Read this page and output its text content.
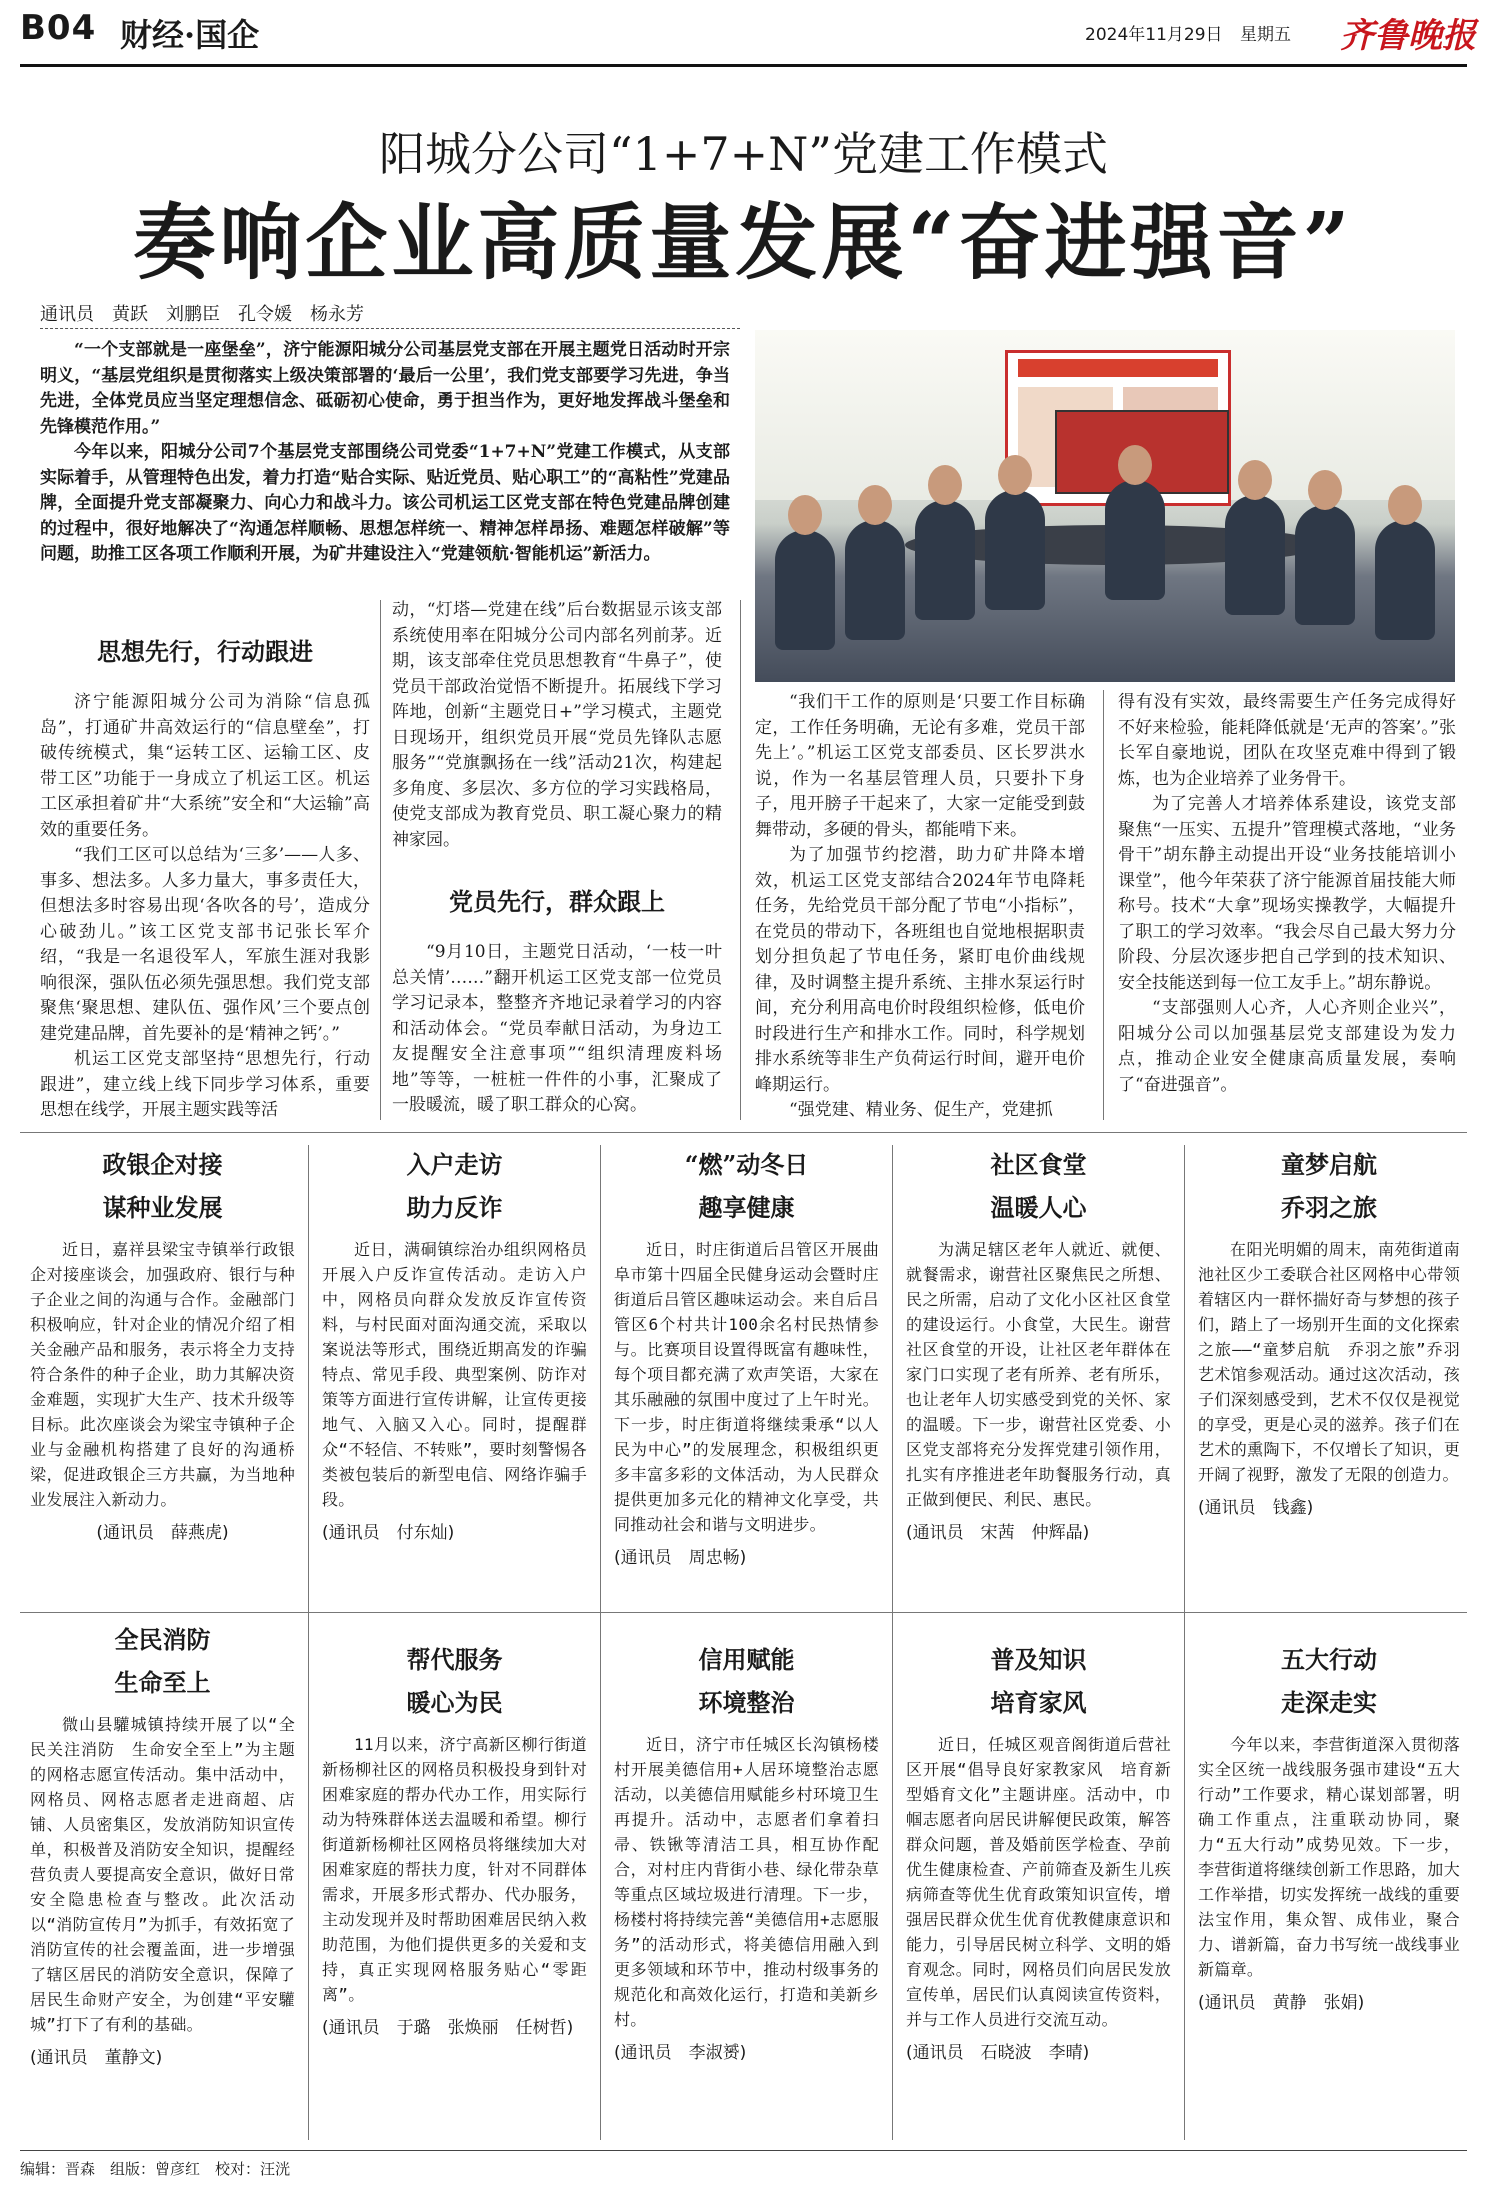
B04 财经·国企	2024年11月29日 星期五 齐鲁晚报
阳城分公司“1+7+N”党建工作模式
奏响企业高质量发展“奋进强音”
通讯员　黄跃　刘鹏臣　孔令媛　杨永芳

“一个支部就是一座堡垒”，济宁能源阳城分公司基层党支部在开展主题党日活动时开宗明义，“基层党组织是贯彻落实上级决策部署的‘最后一公里’，我们党支部要学习先进，争当先进，全体党员应当坚定理想信念、砥砺初心使命，勇于担当作为，更好地发挥战斗堡垒和先锋模范作用。”

今年以来，阳城分公司7个基层党支部围绕公司党委“1+7+N”党建工作模式，从支部实际着手，从管理特色出发，着力打造“贴合实际、贴近党员、贴心职工”的“高粘性”党建品牌，全面提升党支部凝聚力、向心力和战斗力。该公司机运工区党支部在特色党建品牌创建的过程中，很好地解决了“沟通怎样顺畅、思想怎样统一、精神怎样昂扬、难题怎样破解”等问题，助推工区各项工作顺利开展，为矿井建设注入“党建领航·智能机运”新活力。

思想先行，行动跟进

济宁能源阳城分公司为消除“信息孤岛”，打通矿井高效运行的“信息壁垒”，打破传统模式，集“运转工区、运输工区、皮带工区”功能于一身成立了机运工区。机运工区承担着矿井“大系统”安全和“大运输”高效的重要任务。

“我们工区可以总结为‘三多’——人多、事多、想法多。人多力量大，事多责任大，但想法多时容易出现‘各吹各的号’，造成分心破劲儿。”该工区党支部书记张长军介绍，“我是一名退役军人，军旅生涯对我影响很深，强队伍必须先强思想。我们党支部聚焦‘聚思想、建队伍、强作风’三个要点创建党建品牌，首先要补的是‘精神之钙’。”

机运工区党支部坚持“思想先行，行动跟进”，建立线上线下同步学习体系，重要思想在线学，开展主题实践等活

动，“灯塔—党建在线”后台数据显示该支部系统使用率在阳城分公司内部名列前茅。近期，该支部牵住党员思想教育“牛鼻子”，使党员干部政治觉悟不断提升。拓展线下学习阵地，创新“主题党日+”学习模式，主题党日现场开，组织党员开展“党员先锋队志愿服务”“党旗飘扬在一线”活动21次，构建起多角度、多层次、多方位的学习实践格局，使党支部成为教育党员、职工凝心聚力的精神家园。

党员先行，群众跟上

“9月10日，主题党日活动，‘一枝一叶总关情’……”翻开机运工区党支部一位党员学习记录本，整整齐齐地记录着学习的内容和活动体会。“党员奉献日活动，为身边工友提醒安全注意事项”“组织清理废料场地”等等，一桩桩一件件的小事，汇聚成了一股暖流，暖了职工群众的心窝。

“我们干工作的原则是‘只要工作目标确定，工作任务明确，无论有多难，党员干部先上’。”机运工区党支部委员、区长罗洪水说，作为一名基层管理人员，只要扑下身子，甩开膀子干起来了，大家一定能受到鼓舞带动，多硬的骨头，都能啃下来。

为了加强节约挖潜，助力矿井降本增效，机运工区党支部结合2024年节电降耗任务，先给党员干部分配了节电“小指标”，在党员的带动下，各班组也自觉地根据职责划分担负起了节电任务，紧盯电价曲线规律，及时调整主提升系统、主排水泵运行时间，充分利用高电价时段组织检修，低电价时段进行生产和排水工作。同时，科学规划排水系统等非生产负荷运行时间，避开电价峰期运行。

“强党建、精业务、促生产，党建抓

得有没有实效，最终需要生产任务完成得好不好来检验，能耗降低就是‘无声的答案’。”张长军自豪地说，团队在攻坚克难中得到了锻炼，也为企业培养了业务骨干。

为了完善人才培养体系建设，该党支部聚焦“一压实、五提升”管理模式落地，“业务骨干”胡东静主动提出开设“业务技能培训小课堂”，他今年荣获了济宁能源首届技能大师称号。技术“大拿”现场实操教学，大幅提升了职工的学习效率。“我会尽自己最大努力分阶段、分层次逐步把自己学到的技术知识、安全技能送到每一位工友手上。”胡东静说。

“支部强则人心齐，人心齐则企业兴”，阳城分公司以加强基层党支部建设为发力点，推动企业安全健康高质量发展，奏响了“奋进强音”。

政银企对接
谋种业发展

近日，嘉祥县梁宝寺镇举行政银企对接座谈会，加强政府、银行与种子企业之间的沟通与合作。金融部门积极响应，针对企业的情况介绍了相关金融产品和服务，表示将全力支持符合条件的种子企业，助力其解决资金难题，实现扩大生产、技术升级等目标。此次座谈会为梁宝寺镇种子企业与金融机构搭建了良好的沟通桥梁，促进政银企三方共赢，为当地种业发展注入新动力。

(通讯员　薛燕虎)
入户走访
助力反诈

近日，满硐镇综治办组织网格员开展入户反诈宣传活动。走访入户中，网格员向群众发放反诈宣传资料，与村民面对面沟通交流，采取以案说法等形式，围绕近期高发的诈骗特点、常见手段、典型案例、防诈对策等方面进行宣传讲解，让宣传更接地气、入脑又入心。同时，提醒群众“不轻信、不转账”，要时刻警惕各类被包装后的新型电信、网络诈骗手段。

(通讯员　付东灿)
“燃”动冬日
趣享健康

近日，时庄街道后吕管区开展曲阜市第十四届全民健身运动会暨时庄街道后吕管区趣味运动会。来自后吕管区6个村共计100余名村民热情参与。比赛项目设置得既富有趣味性，每个项目都充满了欢声笑语，大家在其乐融融的氛围中度过了上午时光。下一步，时庄街道将继续秉承“以人民为中心”的发展理念，积极组织更多丰富多彩的文体活动，为人民群众提供更加多元化的精神文化享受，共同推动社会和谐与文明进步。

(通讯员　周忠畅)
社区食堂
温暖人心

为满足辖区老年人就近、就便、就餐需求，谢营社区聚焦民之所想、民之所需，启动了文化小区社区食堂的建设运行。小食堂，大民生。谢营社区食堂的开设，让社区老年群体在家门口实现了老有所养、老有所乐，也让老年人切实感受到党的关怀、家的温暖。下一步，谢营社区党委、小区党支部将充分发挥党建引领作用，扎实有序推进老年助餐服务行动，真正做到便民、利民、惠民。

(通讯员　宋茜　仲辉晶)
童梦启航
乔羽之旅

在阳光明媚的周末，南苑街道南池社区少工委联合社区网格中心带领着辖区内一群怀揣好奇与梦想的孩子们，踏上了一场别开生面的文化探索之旅——“童梦启航　乔羽之旅”乔羽艺术馆参观活动。通过这次活动，孩子们深刻感受到，艺术不仅仅是视觉的享受，更是心灵的滋养。孩子们在艺术的熏陶下，不仅增长了知识，更开阔了视野，激发了无限的创造力。

(通讯员　钱鑫)
全民消防
生命至上

微山县驩城镇持续开展了以“全民关注消防　生命安全至上”为主题的网格志愿宣传活动。集中活动中，网格员、网格志愿者走进商超、店铺、人员密集区，发放消防知识宣传单，积极普及消防安全知识，提醒经营负责人要提高安全意识，做好日常安全隐患检查与整改。此次活动以“消防宣传月”为抓手，有效拓宽了消防宣传的社会覆盖面，进一步增强了辖区居民的消防安全意识，保障了居民生命财产安全，为创建“平安驩城”打下了有利的基础。

(通讯员　董静文)
帮代服务
暖心为民

11月以来，济宁高新区柳行街道新杨柳社区的网格员积极投身到针对困难家庭的帮办代办工作，用实际行动为特殊群体送去温暖和希望。柳行街道新杨柳社区网格员将继续加大对困难家庭的帮扶力度，针对不同群体需求，开展多形式帮办、代办服务，主动发现并及时帮助困难居民纳入救助范围，为他们提供更多的关爱和支持，真正实现网格服务贴心“零距离”。

(通讯员　于璐　张焕丽　任树哲)
信用赋能
环境整治

近日，济宁市任城区长沟镇杨楼村开展美德信用+人居环境整治志愿活动，以美德信用赋能乡村环境卫生再提升。活动中，志愿者们拿着扫帚、铁锹等清洁工具，相互协作配合，对村庄内背街小巷、绿化带杂草等重点区域垃圾进行清理。下一步，杨楼村将持续完善“美德信用+志愿服务”的活动形式，将美德信用融入到更多领域和环节中，推动村级事务的规范化和高效化运行，打造和美新乡村。

(通讯员　李淑赟)
普及知识
培育家风

近日，任城区观音阁街道后营社区开展“倡导良好家教家风　培育新型婚育文化”主题讲座。活动中，巾帼志愿者向居民讲解便民政策，解答群众问题，普及婚前医学检查、孕前优生健康检查、产前筛查及新生儿疾病筛查等优生优育政策知识宣传，增强居民群众优生优育优教健康意识和能力，引导居民树立科学、文明的婚育观念。同时，网格员们向居民发放宣传单，居民们认真阅读宣传资料，并与工作人员进行交流互动。

(通讯员　石晓波　李晴)
五大行动
走深走实

今年以来，李营街道深入贯彻落实全区统一战线服务强市建设“五大行动”工作要求，精心谋划部署，明确工作重点，注重联动协同，聚力“五大行动”成势见效。下一步，李营街道将继续创新工作思路，加大工作举措，切实发挥统一战线的重要法宝作用，集众智、成伟业，聚合力、谱新篇，奋力书写统一战线事业新篇章。

(通讯员　黄静　张娟)
编辑：晋森　组版：曾彦红　校对：汪洸
